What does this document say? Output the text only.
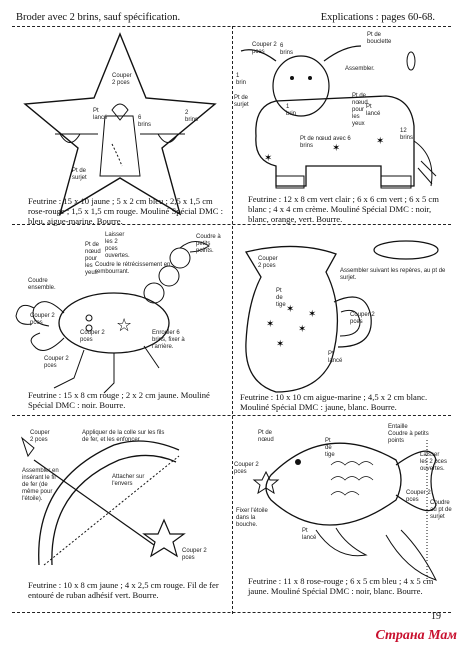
Broder avec 2 brins, sauf spécification.	Explications : pages 60-68.
Couper 2 pces
Pt lancé	6 brins
2 brins
Pt de surjet
Feutrine : 15 x 10 jaune ; 5 x 2 cm bleu ; 2,5 x 1,5 cm rose-rouge ; 1,5 x 1,5 cm rouge. Mouliné Spécial DMC : bleu, aigue-marine. Bourre.
✶
✶
✶
6 brins
Pt de bouclette
Couper 2 pces
Assembler.
1 brin
Pt de nœud pour les yeux
Pt de surjet	1 brin
Pt lancé
12 brins
Pt de nœud avec 6 brins
Feutrine : 12 x 8 cm vert clair ; 6 x 6 cm vert ; 6 x 5 cm blanc ; 4 x 4 cm crème. Mouliné Spécial DMC : noir, blanc, orange, vert. Bourre.
☆
Laisser les 2 pces ouvertes.
Pt de nœud pour les yeux
Coudre à petits points.
Coudre le rétrécissement en rembourrant.
Coudre ensemble.
Couper 2 pces
Couper 2 pces
Enrouler 6 brins, fixer à l'arrière.
Couper 2 pces
Feutrine : 15 x 8 cm rouge ; 2 x 2 cm jaune. Mouliné Spécial DMC : noir. Bourre.
✶
✶
✶
✶
✶
Couper 2 pces
Assembler suivant les repères, au pt de surjet.
Pt de tige
Couper 2 pces
Pt lancé
Feutrine : 10 x 10 cm aigue-marine ; 4,5 x 2 cm blanc. Mouliné Spécial DMC : jaune, blanc. Bourre.
Couper 2 pces
Appliquer de la colle sur les fils de fer, et les enfoncer
Attacher sur l'envers
Assembler en insérant le fil de fer (de même pour l'étoile).
Couper 2 pces
Feutrine : 10 x 8 cm jaune ; 4 x 2,5 cm rouge. Fil de fer entouré de ruban adhésif vert. Bourre.
Pt de nœud	Pt de tige
Entaille
Coudre à petits points
Couper 2 pces
Laisser les 2 pces ouvertes.
Fixer l'étoile dans la bouche.
Pt lancé
Couper 2 pces	Coudre au pt de surjet
Feutrine : 11 x 8 rose-rouge ; 6 x 5 cm bleu ; 4 x 5 cm jaune. Mouliné Spécial DMC : noir, blanc. Bourre.
19
Страна Мам
